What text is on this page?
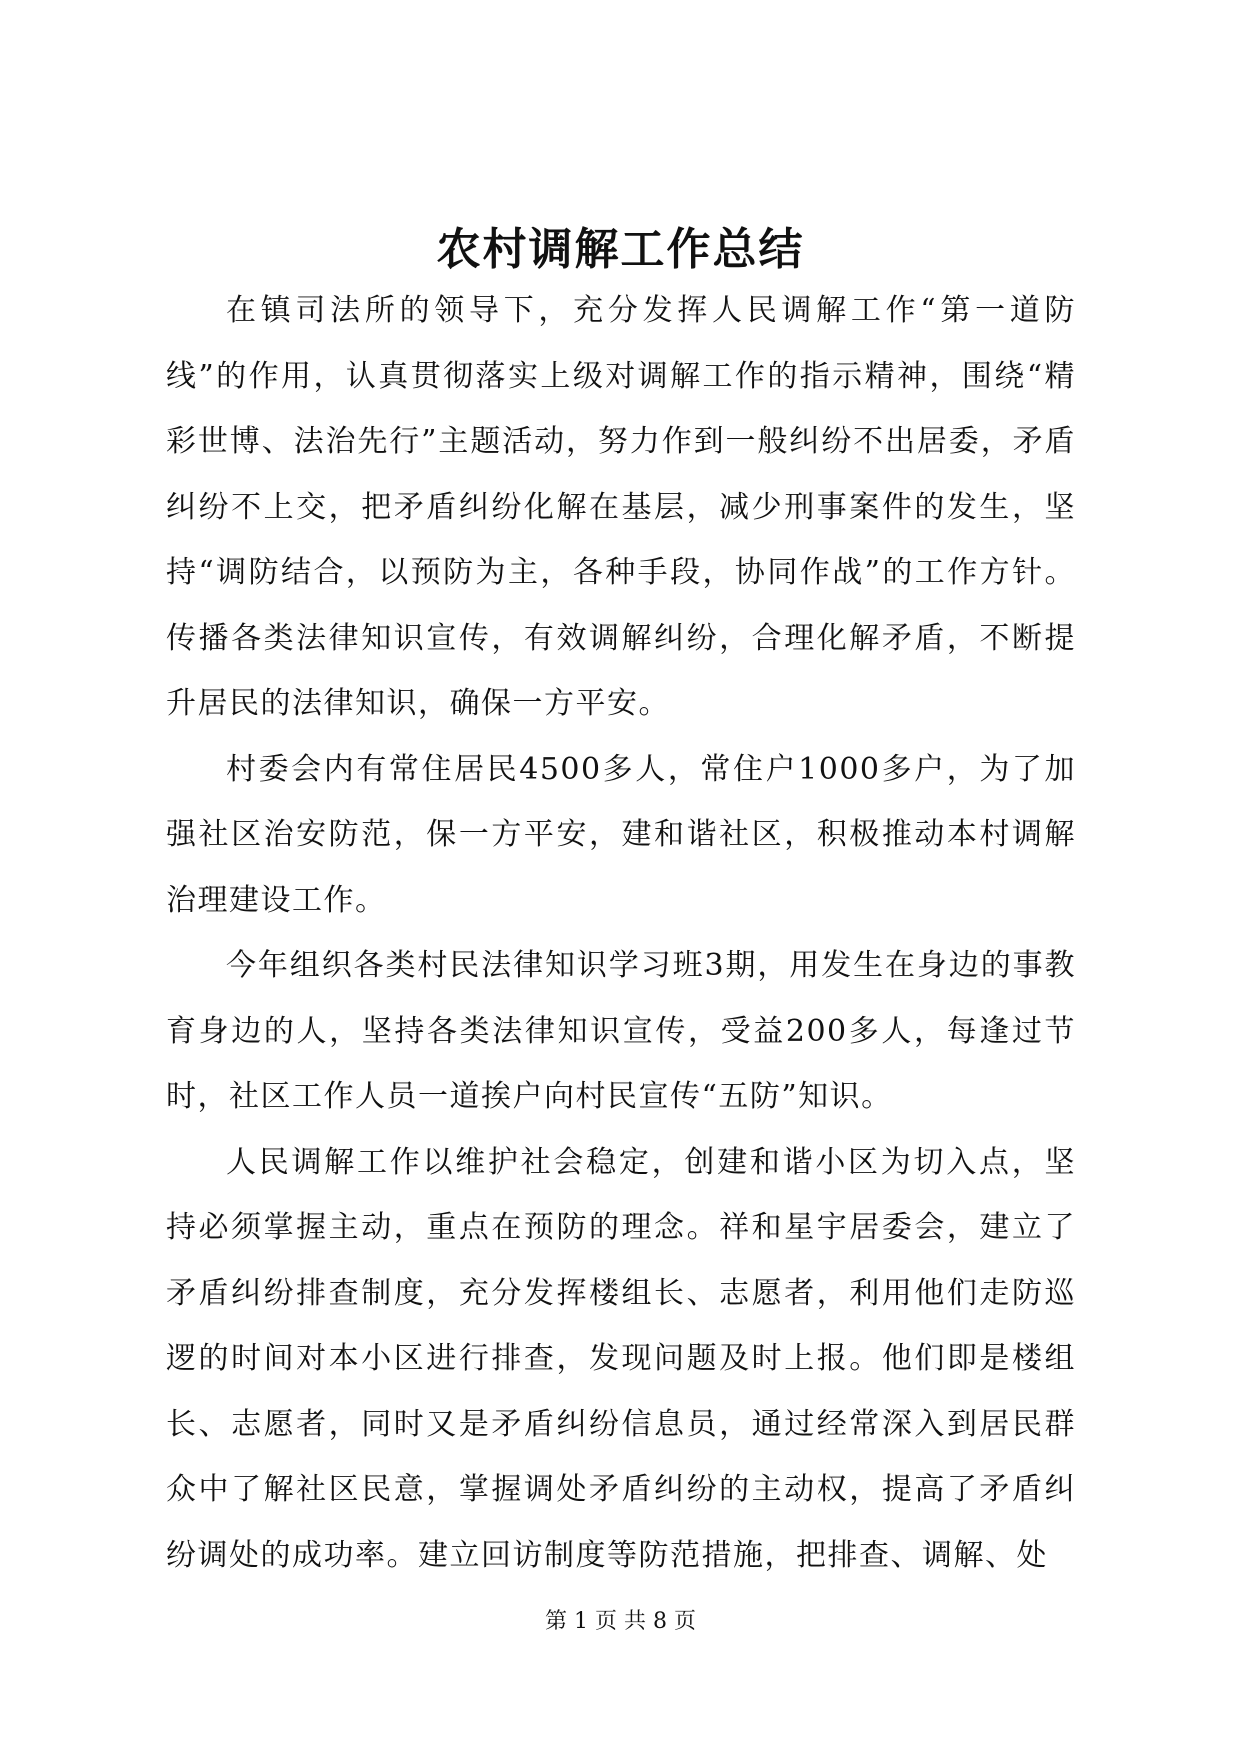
农村调解工作总结

在镇司法所的领导下，充分发挥人民调解工作“第一道防线”的作用，认真贯彻落实上级对调解工作的指示精神，围绕“精彩世博、法治先行”主题活动，努力作到一般纠纷不出居委，矛盾纠纷不上交，把矛盾纠纷化解在基层，减少刑事案件的发生，坚持“调防结合，以预防为主，各种手段，协同作战”的工作方针。传播各类法律知识宣传，有效调解纠纷，合理化解矛盾，不断提升居民的法律知识，确保一方平安。

村委会内有常住居民4500多人，常住户1000多户，为了加强社区治安防范，保一方平安，建和谐社区，积极推动本村调解治理建设工作。

今年组织各类村民法律知识学习班3期，用发生在身边的事教育身边的人，坚持各类法律知识宣传，受益200多人，每逢过节时，社区工作人员一道挨户向村民宣传“五防”知识。

人民调解工作以维护社会稳定，创建和谐小区为切入点，坚持必须掌握主动，重点在预防的理念。祥和星宇居委会，建立了矛盾纠纷排查制度，充分发挥楼组长、志愿者，利用他们走防巡逻的时间对本小区进行排查，发现问题及时上报。他们即是楼组长、志愿者，同时又是矛盾纠纷信息员，通过经常深入到居民群众中了解社区民意，掌握调处矛盾纠纷的主动权，提高了矛盾纠纷调处的成功率。建立回访制度等防范措施，把排查、调解、处

第 1 页 共 8 页
